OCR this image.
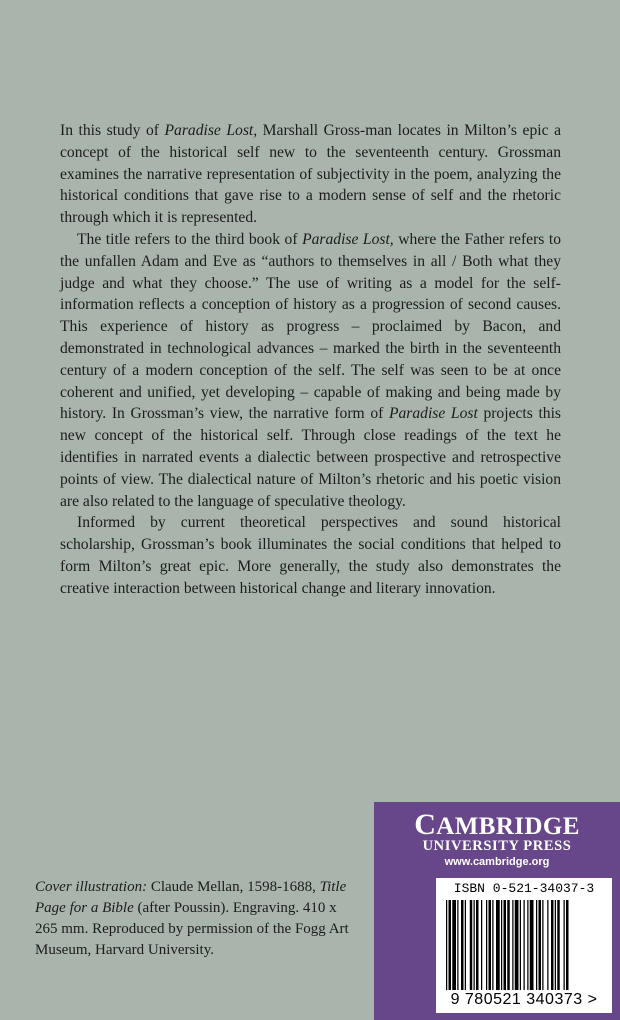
In this study of Paradise Lost, Marshall Gross-man locates in Milton’s epic a concept of the historical self new to the seventeenth century. Grossman examines the narrative representation of subjectivity in the poem, analyzing the historical conditions that gave rise to a modern sense of self and the rhetoric through which it is represented.

The title refers to the third book of Paradise Lost, where the Father refers to the unfallen Adam and Eve as “authors to themselves in all / Both what they judge and what they choose.” The use of writing as a model for the self-information reflects a conception of history as a progression of second causes. This experience of history as progress – proclaimed by Bacon, and demonstrated in technological advances – marked the birth in the seventeenth century of a modern conception of the self. The self was seen to be at once coherent and unified, yet developing – capable of making and being made by history. In Grossman’s view, the narrative form of Paradise Lost projects this new concept of the historical self. Through close readings of the text he identifies in narrated events a dialectic between prospective and retrospective points of view. The dialectical nature of Milton’s rhetoric and his poetic vision are also related to the language of speculative theology.

Informed by current theoretical perspectives and sound historical scholarship, Grossman’s book illuminates the social conditions that helped to form Milton’s great epic. More generally, the study also demonstrates the creative interaction between historical change and literary innovation.

Cover illustration: Claude Mellan, 1598-1688, Title Page for a Bible (after Poussin). Engraving. 410 x 265 mm. Reproduced by permission of the Fogg Art Museum, Harvard University.
CAMBRIDGE
UNIVERSITY PRESS
www.cambridge.org
ISBN 0-521-34037-3
9 780521 340373 >
